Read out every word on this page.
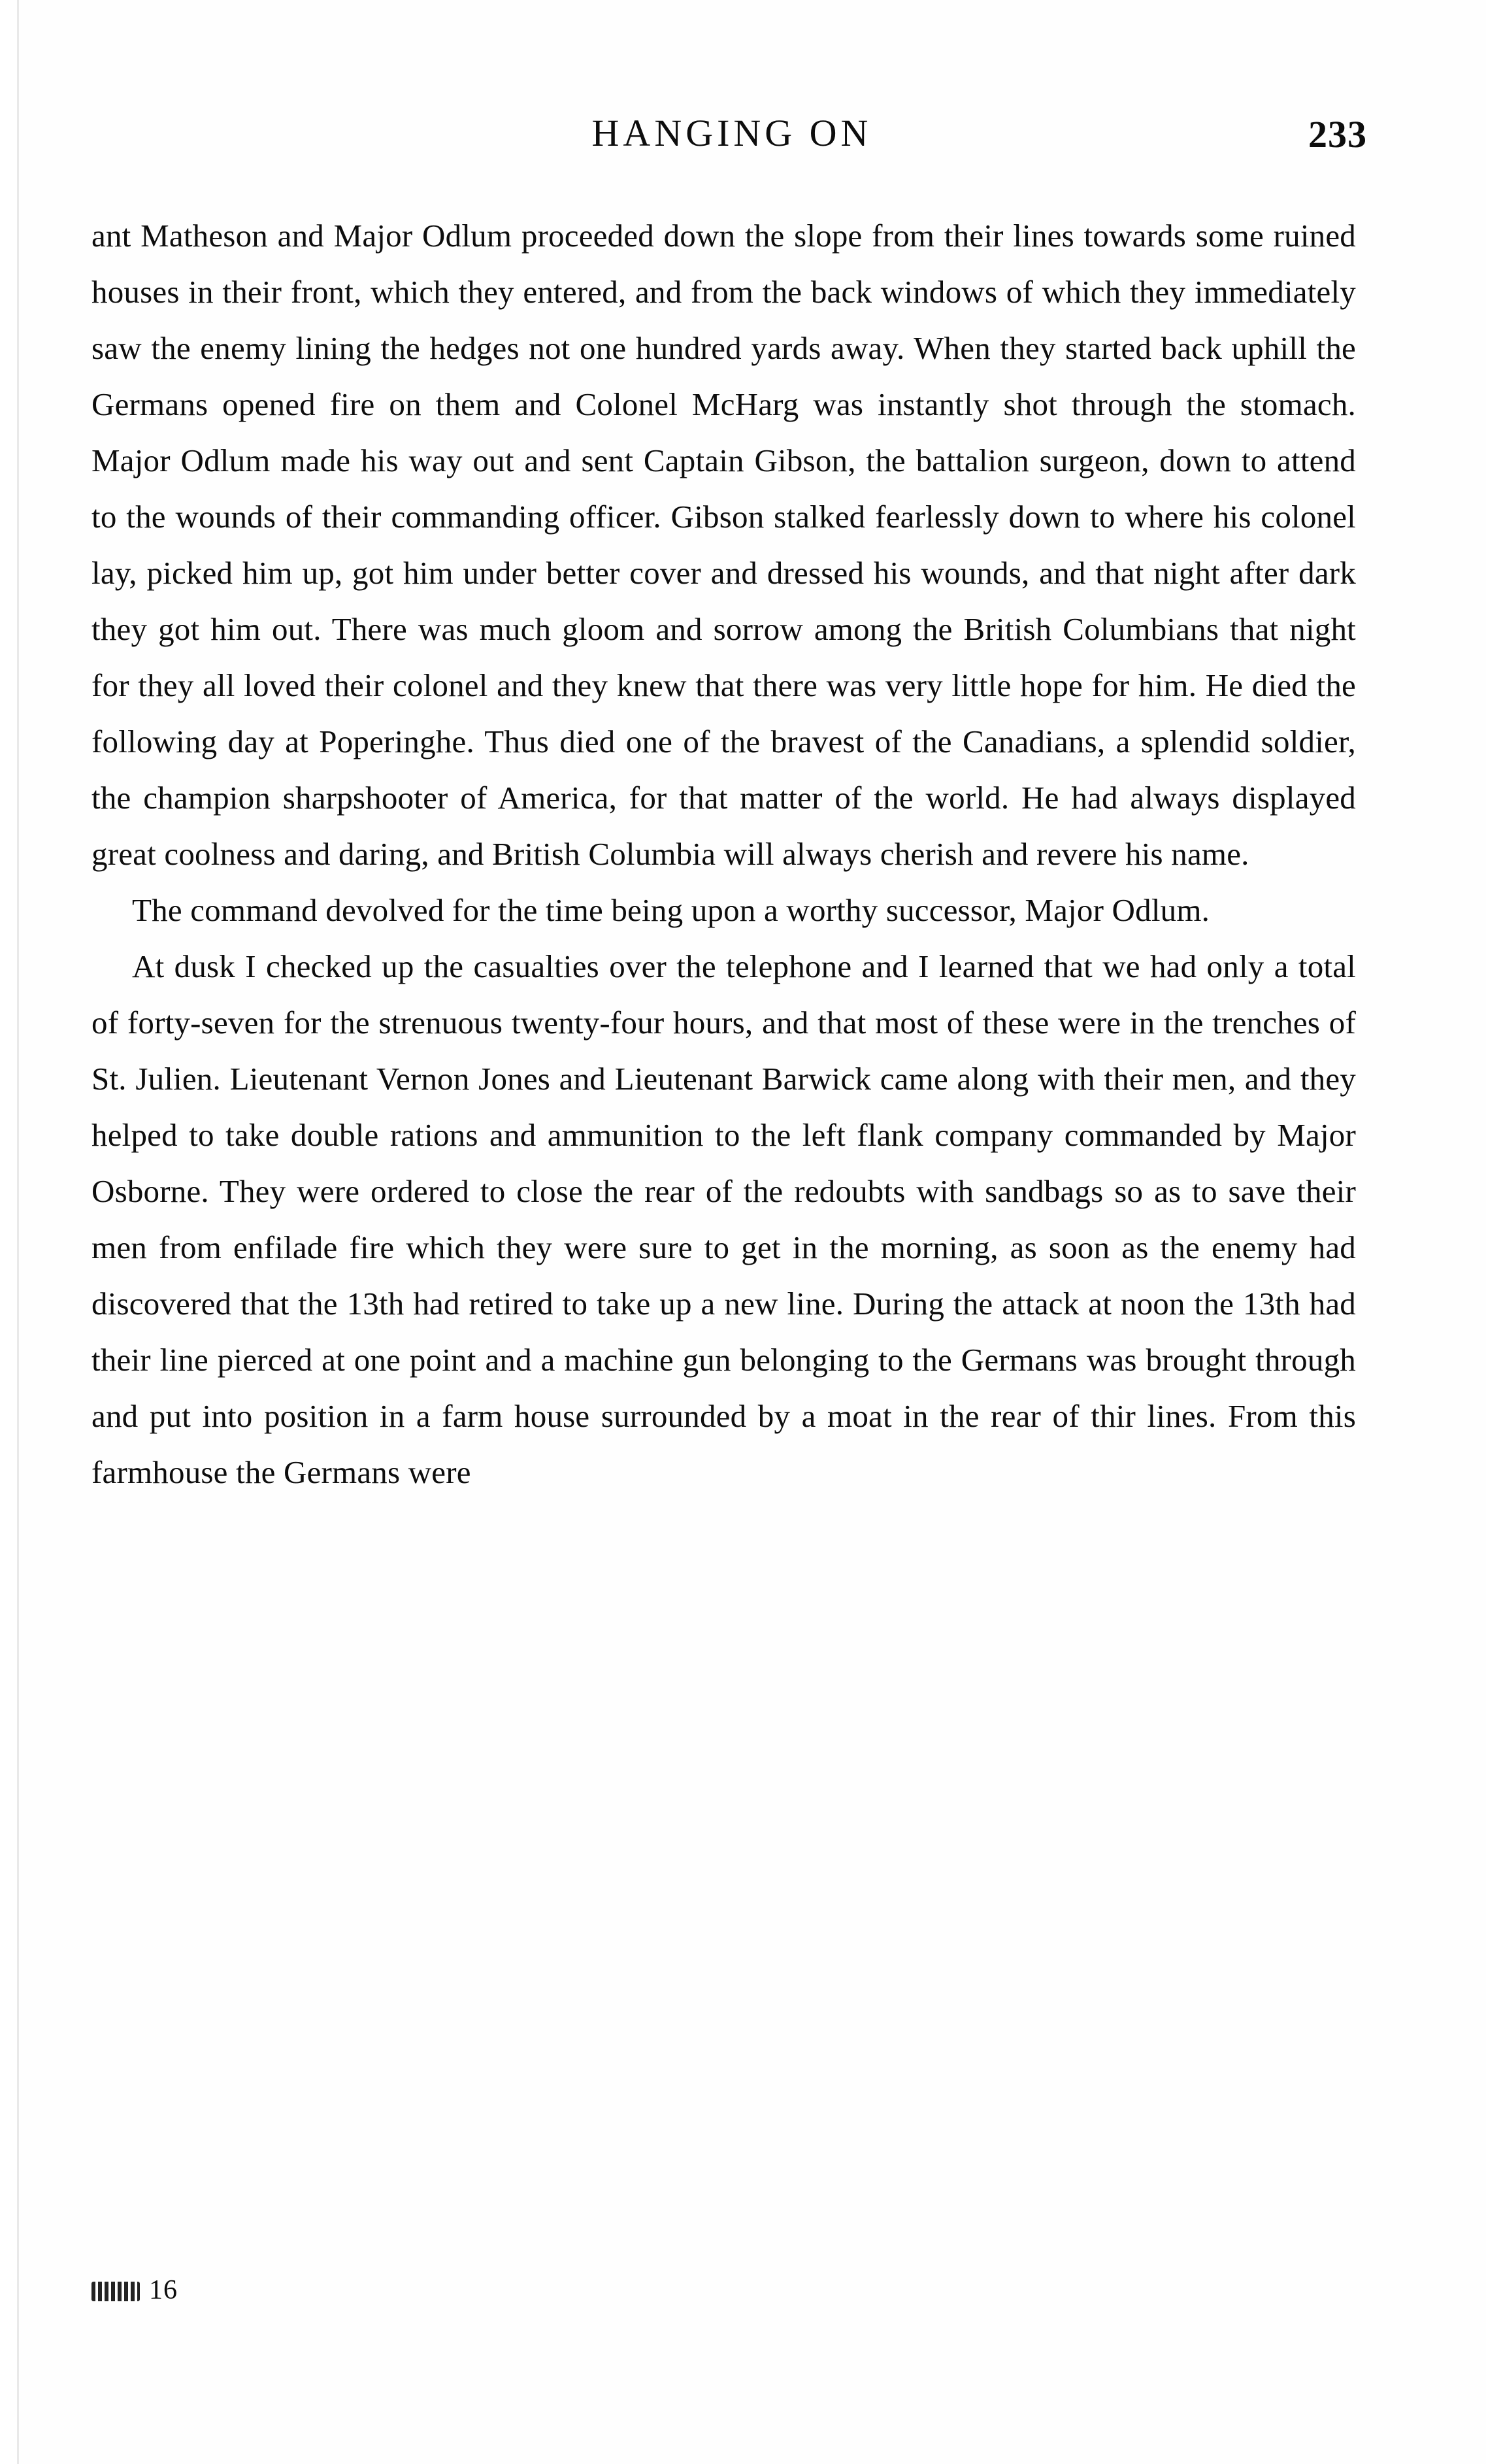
HANGING ON	233

ant Matheson and Major Odlum proceeded down the slope from their lines towards some ruined houses in their front, which they entered, and from the back windows of which they immediately saw the enemy lining the hedges not one hundred yards away. When they started back uphill the Germans opened fire on them and Colonel McHarg was instantly shot through the stomach. Major Odlum made his way out and sent Captain Gibson, the battalion surgeon, down to attend to the wounds of their commanding officer. Gibson stalked fearlessly down to where his colonel lay, picked him up, got him under better cover and dressed his wounds, and that night after dark they got him out. There was much gloom and sorrow among the British Columbians that night for they all loved their colonel and they knew that there was very little hope for him. He died the following day at Poperinghe. Thus died one of the bravest of the Canadians, a splendid soldier, the champion sharpshooter of America, for that matter of the world. He had always displayed great coolness and daring, and British Columbia will always cherish and revere his name.

The command devolved for the time being upon a worthy successor, Major Odlum.

At dusk I checked up the casualties over the telephone and I learned that we had only a total of forty-seven for the strenuous twenty-four hours, and that most of these were in the trenches of St. Julien. Lieutenant Vernon Jones and Lieutenant Barwick came along with their men, and they helped to take double rations and ammunition to the left flank company commanded by Major Osborne. They were ordered to close the rear of the redoubts with sandbags so as to save their men from enfilade fire which they were sure to get in the morning, as soon as the enemy had discovered that the 13th had retired to take up a new line. During the attack at noon the 13th had their line pierced at one point and a machine gun belonging to the Germans was brought through and put into position in a farm house surrounded by a moat in the rear of thir lines. From this farmhouse the Germans were

16
